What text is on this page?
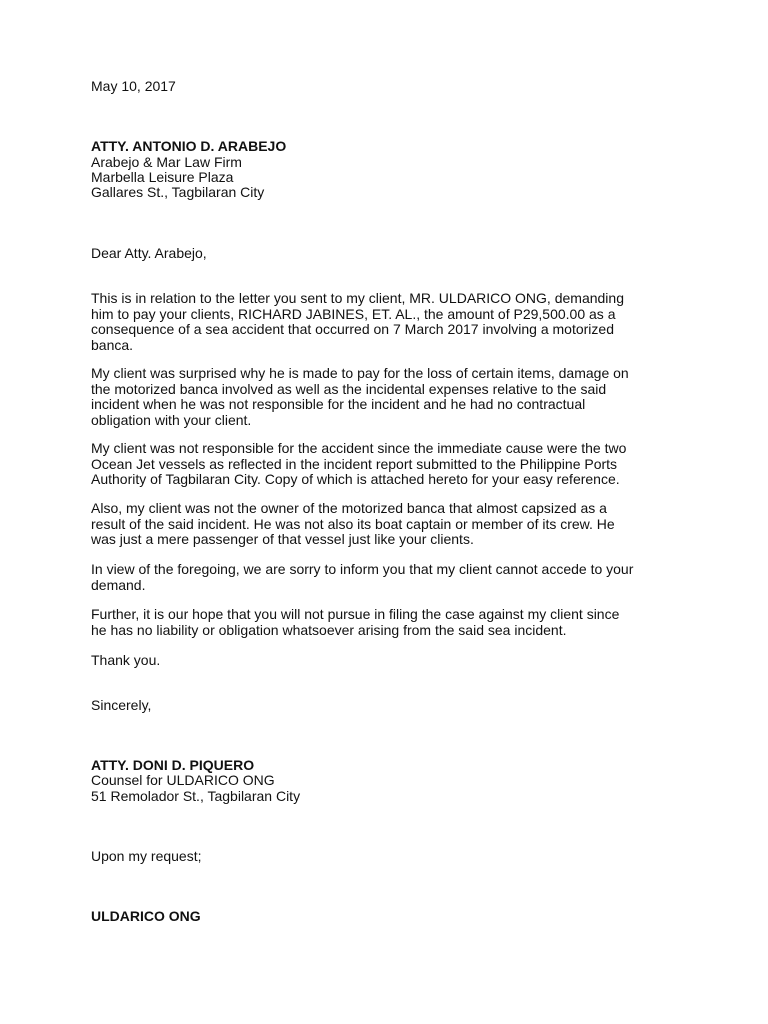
May 10, 2017
ATTY. ANTONIO D. ARABEJO
Arabejo & Mar Law Firm
Marbella Leisure Plaza
Gallares St., Tagbilaran City
Dear Atty. Arabejo,

This is in relation to the letter you sent to my client, MR. ULDARICO ONG, demanding

him to pay your clients, RICHARD JABINES, ET. AL., the amount of P29,500.00 as a

consequence of a sea accident that occurred on 7 March 2017 involving a motorized

banca.

My client was surprised why he is made to pay for the loss of certain items, damage on

the motorized banca involved as well as the incidental expenses relative to the said

incident when he was not responsible for the incident and he had no contractual

obligation with your client.

My client was not responsible for the accident since the immediate cause were the two

Ocean Jet vessels as reflected in the incident report submitted to the Philippine Ports

Authority of Tagbilaran City. Copy of which is attached hereto for your easy reference.

Also, my client was not the owner of the motorized banca that almost capsized as a

result of the said incident. He was not also its boat captain or member of its crew. He

was just a mere passenger of that vessel just like your clients.

In view of the foregoing, we are sorry to inform you that my client cannot accede to your

demand.

Further, it is our hope that you will not pursue in filing the case against my client since

he has no liability or obligation whatsoever arising from the said sea incident.

Thank you.
Sincerely,
ATTY. DONI D. PIQUERO
Counsel for ULDARICO ONG
51 Remolador St., Tagbilaran City
Upon my request;
ULDARICO ONG
